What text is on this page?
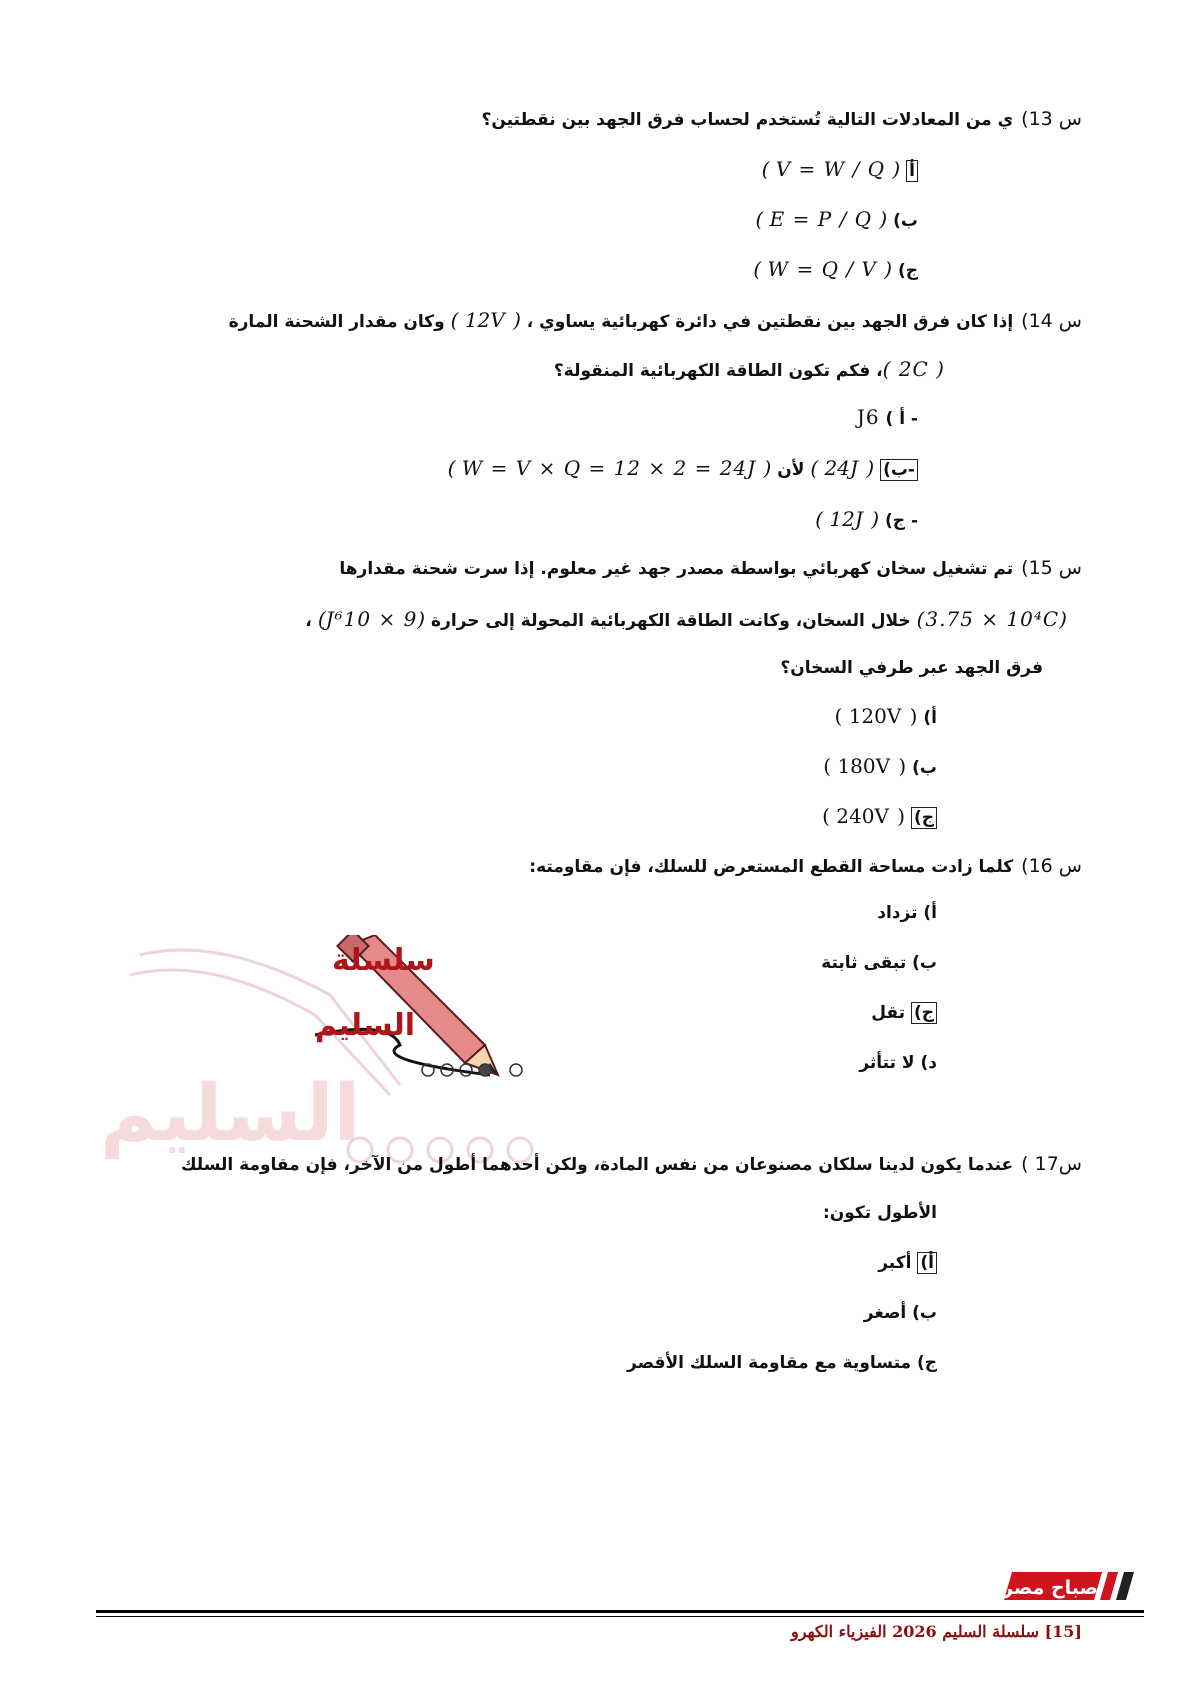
س 13)ي من المعادلات التالية تُستخدم لحساب فرق الجهد بين نقطتين؟
أ ( V = W / Q )
ب) ( E = P / Q )
ج) ( W = Q / V )
س 14)إذا كان فرق الجهد بين نقطتين في دائرة كهربائية يساوي ، ( 12V ) وكان مقدار الشحنة المارة
( 2C )، فكم تكون الطاقة الكهربائية المنقولة؟
- أ ) J6
-ب) ( 24J ) لأن ( W = V × Q = 12 × 2 = 24J )
- ج) ( 12J )
س 15)تم تشغيل سخان كهربائي بواسطة مصدر جهد غير معلوم. إذا سرت شحنة مقدارها
(3.75 × 10⁴C) خلال السخان، وكانت الطاقة الكهربائية المحولة إلى حرارة (J⁶10 × 9) ،
فرق الجهد عبر طرفي السخان؟
أ) ( 120V )
ب) ( 180V )
ج) ( 240V )
السليم
سلسلة
السليم
س 16)كلما زادت مساحة القطع المستعرض للسلك، فإن مقاومته:
أ) تزداد
ب) تبقى ثابتة
ج) تقل
د) لا تتأثر
س17 )عندما يكون لدينا سلكان مصنوعان من نفس المادة، ولكن أحدهما أطول من الآخر، فإن مقاومة السلك
الأطول تكون:
أ) أكبر
ب) أصغر
ج) متساوية مع مقاومة السلك الأقصر
صباح مصر
[15] سلسلة السليم 2026 الفيزياء الكهرو
